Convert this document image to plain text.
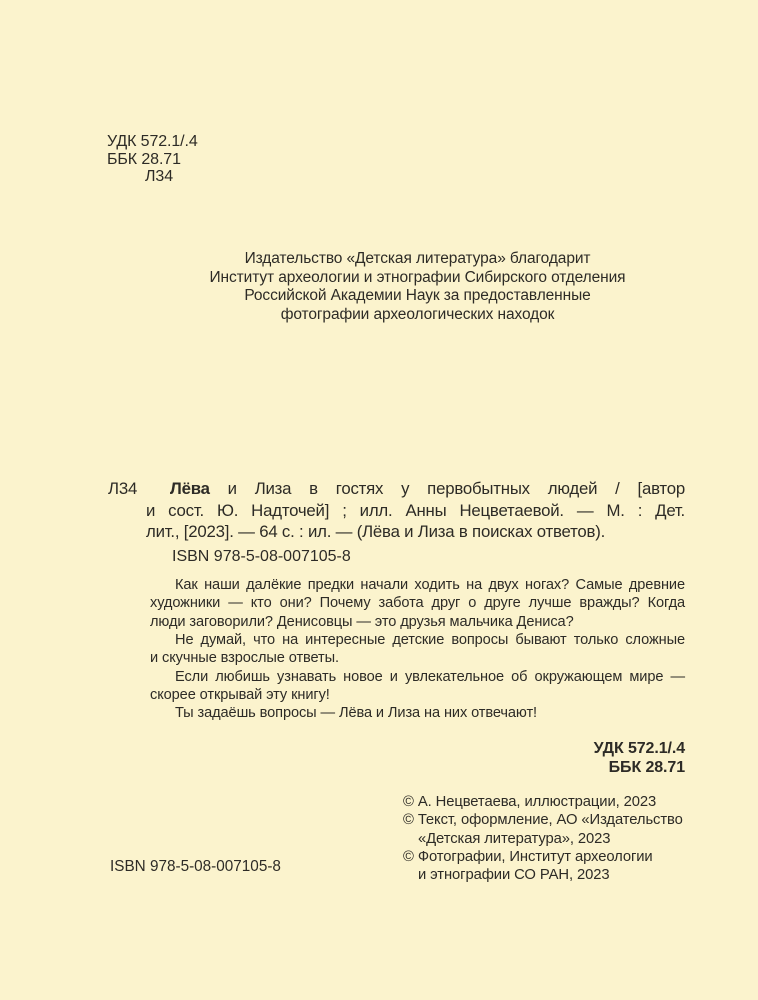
УДК 572.1/.4
ББК 28.71
Л34
Издательство «Детская литература» благодарит
Институт археологии и этнографии Сибирского отделения
Российской Академии Наук за предоставленные
фотографии археологических находок
Л34	Лёва и Лиза в гостях у первобытных людей / [автор
и сост. Ю. Надточей] ; илл. Анны Нецветаевой. — М. : Дет.
лит., [2023]. — 64 с. : ил. — (Лёва и Лиза в поисках ответов).
ISBN 978-5-08-007105-8
Как наши далёкие предки начали ходить на двух ногах? Самые древние
художники — кто они? Почему забота друг о друге лучше вражды? Когда
люди заговорили? Денисовцы — это друзья мальчика Дениса?
Не думай, что на интересные детские вопросы бывают только сложные
и скучные взрослые ответы.
Если любишь узнавать новое и увлекательное об окружающем мире —
скорее открывай эту книгу!
Ты задаёшь вопросы — Лёва и Лиза на них отвечают!
УДК 572.1/.4
ББК 28.71
© А. Нецветаева, иллюстрации, 2023
© Текст, оформление, АО «Издательство
«Детская литература», 2023
© Фотографии, Институт археологии
и этнографии СО РАН, 2023
ISBN 978-5-08-007105-8
